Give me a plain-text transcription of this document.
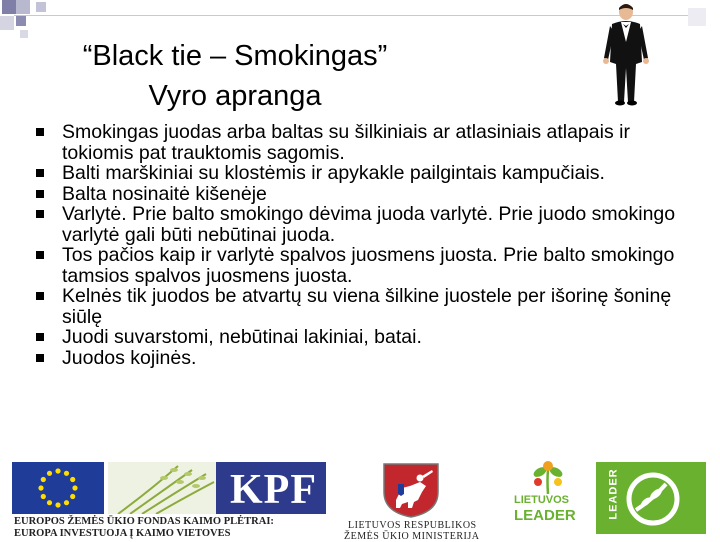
“Black tie – Smokingas”
Vyro apranga
Smokingas juodas arba baltas su šilkiniais ar atlasiniais atlapais ir tokiomis pat trauktomis sagomis.
Balti marškiniai su klostėmis ir apykakle pailgintais kampučiais.
Balta nosinaitė kišenėje
Varlytė. Prie balto smokingo dėvima juoda varlytė. Prie juodo smokingo varlytė gali būti nebūtinai juoda.
Tos pačios kaip ir varlytė spalvos juosmens juosta. Prie balto smokingo tamsios spalvos juosmens juosta.
Kelnės tik juodos be atvartų su viena šilkine juostele per išorinę šoninę siūlę
Juodi suvarstomi, nebūtinai lakiniai, batai.
Juodos kojinės.
KPF
EUROPOS ŽEMĖS ŪKIO FONDAS KAIMO PLĖTRAI:
EUROPA INVESTUOJA Į KAIMO VIETOVES
LIETUVOS RESPUBLIKOS
ŽEMĖS ŪKIO MINISTERIJA
LIETUVOS
LEADER	LEADER
